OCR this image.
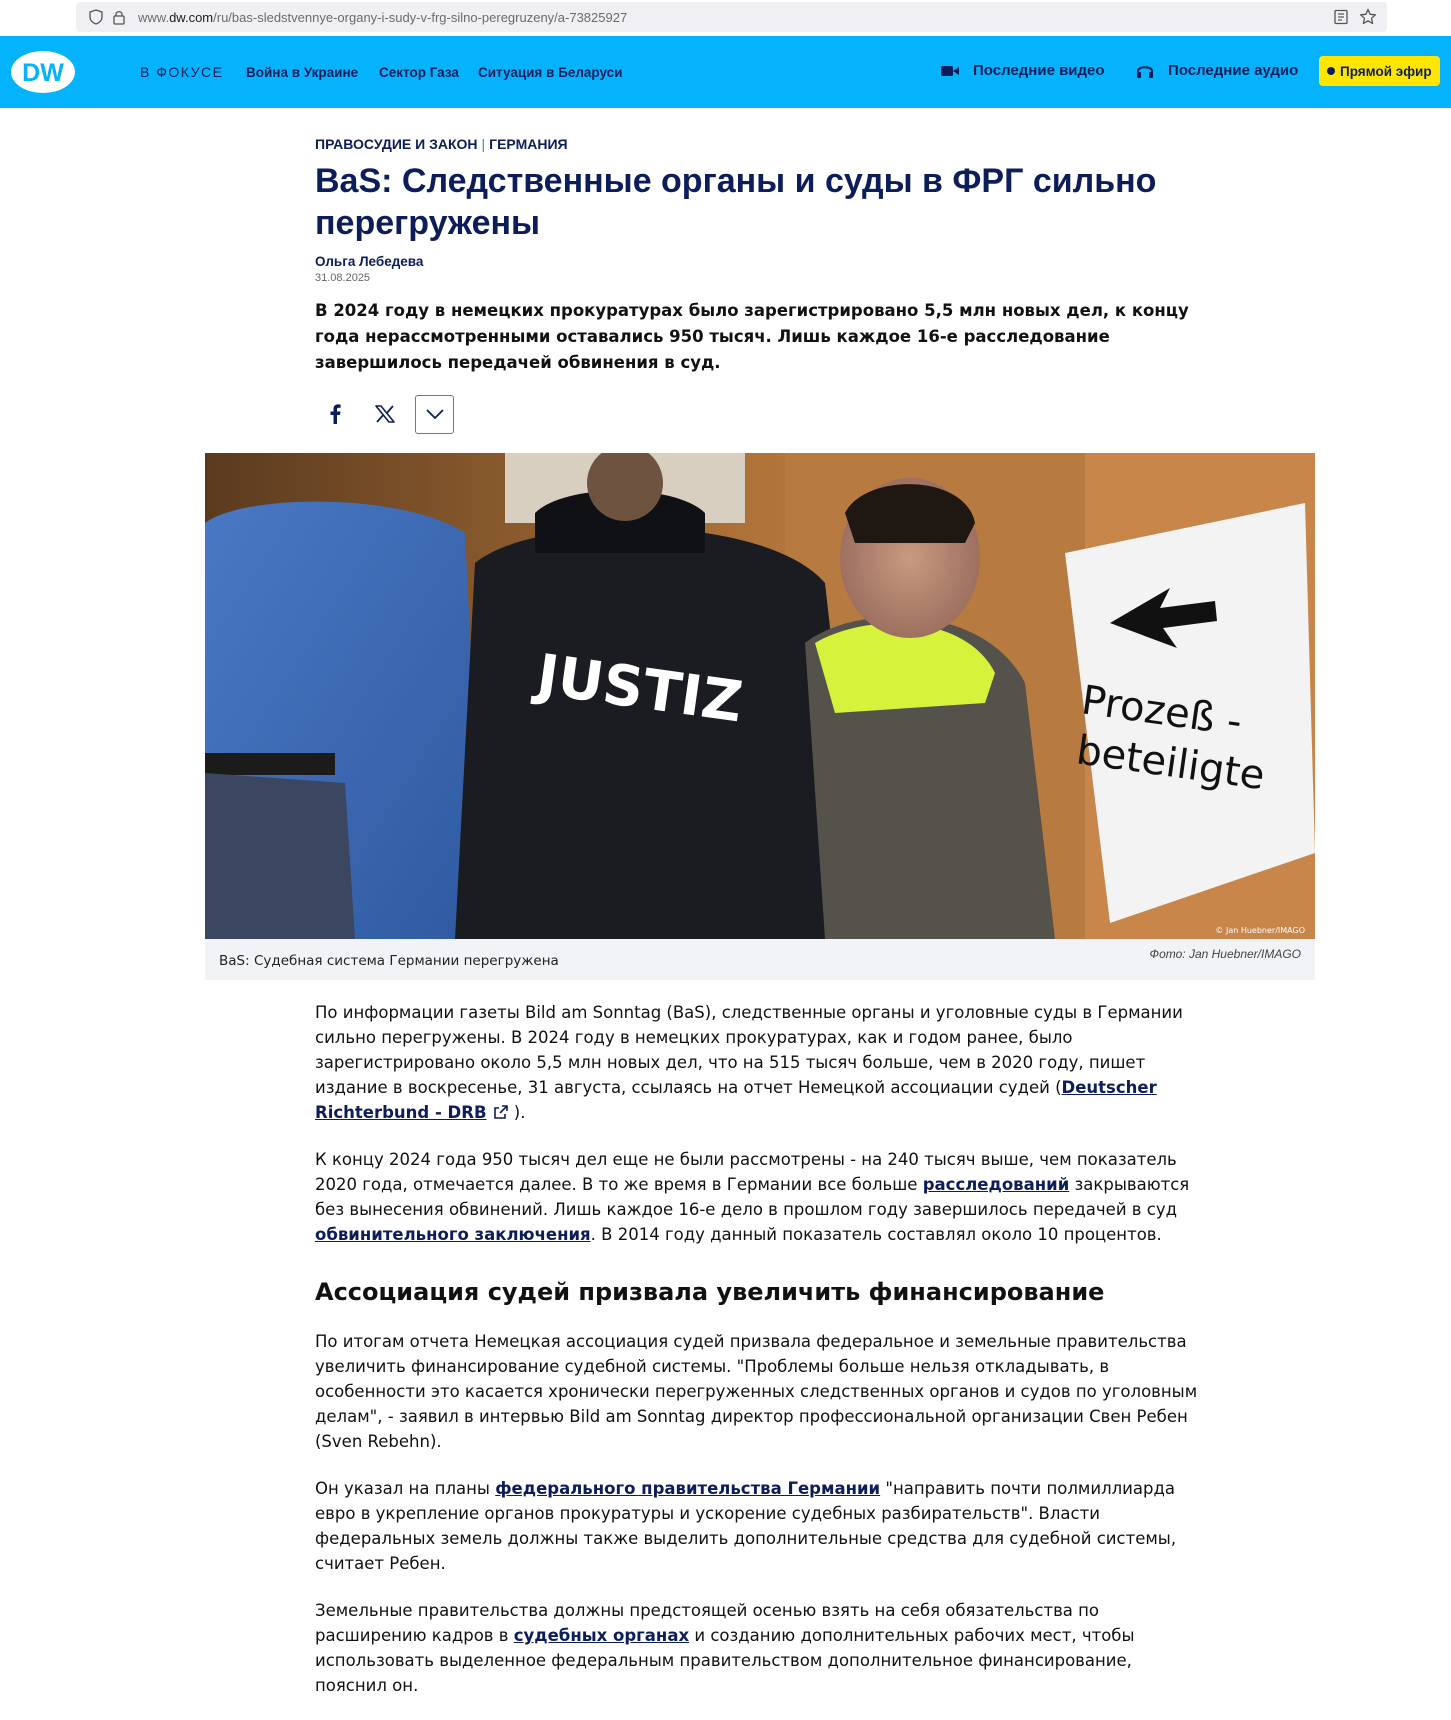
www.dw.com/ru/bas-sledstvennye-organy-i-sudy-v-frg-silno-peregruzeny/a-73825927
DW	В ФОКУСЕ Война в Украине Сектор Газа Ситуация в Беларуси	Последние видео	Последние аудио	Прямой эфир
ПРАВОСУДИЕ И ЗАКОН | ГЕРМАНИЯ
BaS: Следственные органы и суды в ФРГ сильно перегружены
Ольга Лебедева
31.08.2025

В 2024 году в немецких прокуратурах было зарегистрировано 5,5 млн новых дел, к концу года нерассмотренными оставались 950 тысяч. Лишь каждое 16-е расследование завершилось передачей обвинения в суд.

JUSTIZ	Prozeß -
beteiligte
© Jan Huebner/IMAGO
BaS: Судебная система Германии перегружена	Фото: Jan Huebner/IMAGO

По информации газеты Bild am Sonntag (BaS), следственные органы и уголовные суды в Германии сильно перегружены. В 2024 году в немецких прокуратурах, как и годом ранее, было зарегистрировано около 5,5 млн новых дел, что на 515 тысяч больше, чем в 2020 году, пишет издание в воскресенье, 31 августа, ссылаясь на отчет Немецкой ассоциации судей (Deutscher Richterbund - DRB ).

К концу 2024 года 950 тысяч дел еще не были рассмотрены - на 240 тысяч выше, чем показатель 2020 года, отмечается далее. В то же время в Германии все больше расследований закрываются без вынесения обвинений. Лишь каждое 16-е дело в прошлом году завершилось передачей в суд обвинительного заключения. В 2014 году данный показатель составлял около 10 процентов.

Ассоциация судей призвала увеличить финансирование

По итогам отчета Немецкая ассоциация судей призвала федеральное и земельные правительства увеличить финансирование судебной системы. "Проблемы больше нельзя откладывать, в особенности это касается хронически перегруженных следственных органов и судов по уголовным делам", - заявил в интервью Bild am Sonntag директор профессиональной организации Свен Ребен (Sven Rebehn).

Он указал на планы федерального правительства Германии "направить почти полмиллиарда евро в укрепление органов прокуратуры и ускорение судебных разбирательств". Власти федеральных земель должны также выделить дополнительные средства для судебной системы, считает Ребен.

Земельные правительства должны предстоящей осенью взять на себя обязательства по расширению кадров в судебных органах и созданию дополнительных рабочих мест, чтобы использовать выделенное федеральным правительством дополнительное финансирование, пояснил он.
